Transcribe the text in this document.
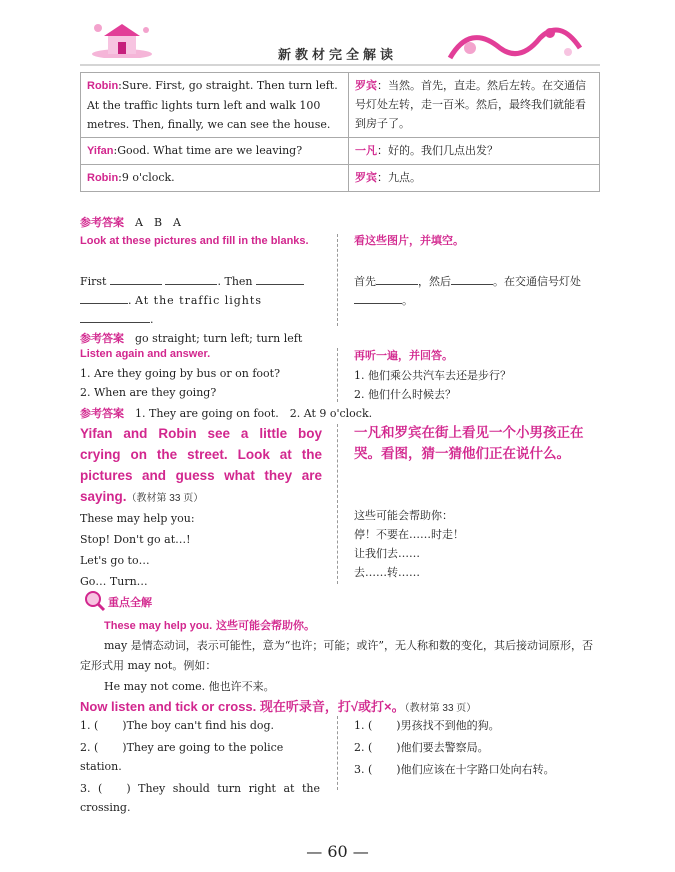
新教材完全解读
Robin:Sure. First, go straight. Then turn left. At the traffic lights turn left and walk 100 metres. Then, finally, we can see the house.	罗宾：当然。首先，直走。然后左转。在交通信号灯处左转，走一百米。然后，最终我们就能看到房子了。
Yifan:Good. What time are we leaving?	一凡：好的。我们几点出发？
Robin:9 o'clock.	罗宾：九点。
参考答案　 A　B　A
Look at these pictures and fill in the blanks.	看这些图片，并填空。
First	. Then
. At the traffic lights
.
首先	，然后	。在交通信号灯处。
参考答案　 go straight; turn left; turn left
Listen again and answer.	再听一遍，并回答。
1. Are they going by bus or on foot?
2. When are they going?
1. 他们乘公共汽车去还是步行？
2. 他们什么时候去？
参考答案　 1. They are going on foot.　2. At 9 o'clock.
Yifan and Robin see a little boy crying on the street. Look at the pictures and guess what they are saying.（教材第 33 页）
一凡和罗宾在街上看见一个小男孩正在哭。看图，猜一猜他们正在说什么。
These may help you:
Stop! Don't go at…!
Let's go to…
Go… Turn…
这些可能会帮助你：
停！不要在……时走！
让我们去……
去……转……
重点全解
These may help you. 这些可能会帮助你。
may 是情态动词，表示可能性，意为“也许；可能；或许”，无人称和数的变化，其后接动词原形，否定形式用 may not。例如：
He may not come. 他也许不来。
Now listen and tick or cross. 现在听录音，打√或打×。（教材第 33 页）
1. ( )The boy can't find his dog.
2. ( )They are going to the police station.
3. ( ) They should turn right at the crossing.
1. ( )男孩找不到他的狗。
2. ( )他们要去警察局。
3. ( )他们应该在十字路口处向右转。
— 60 —
